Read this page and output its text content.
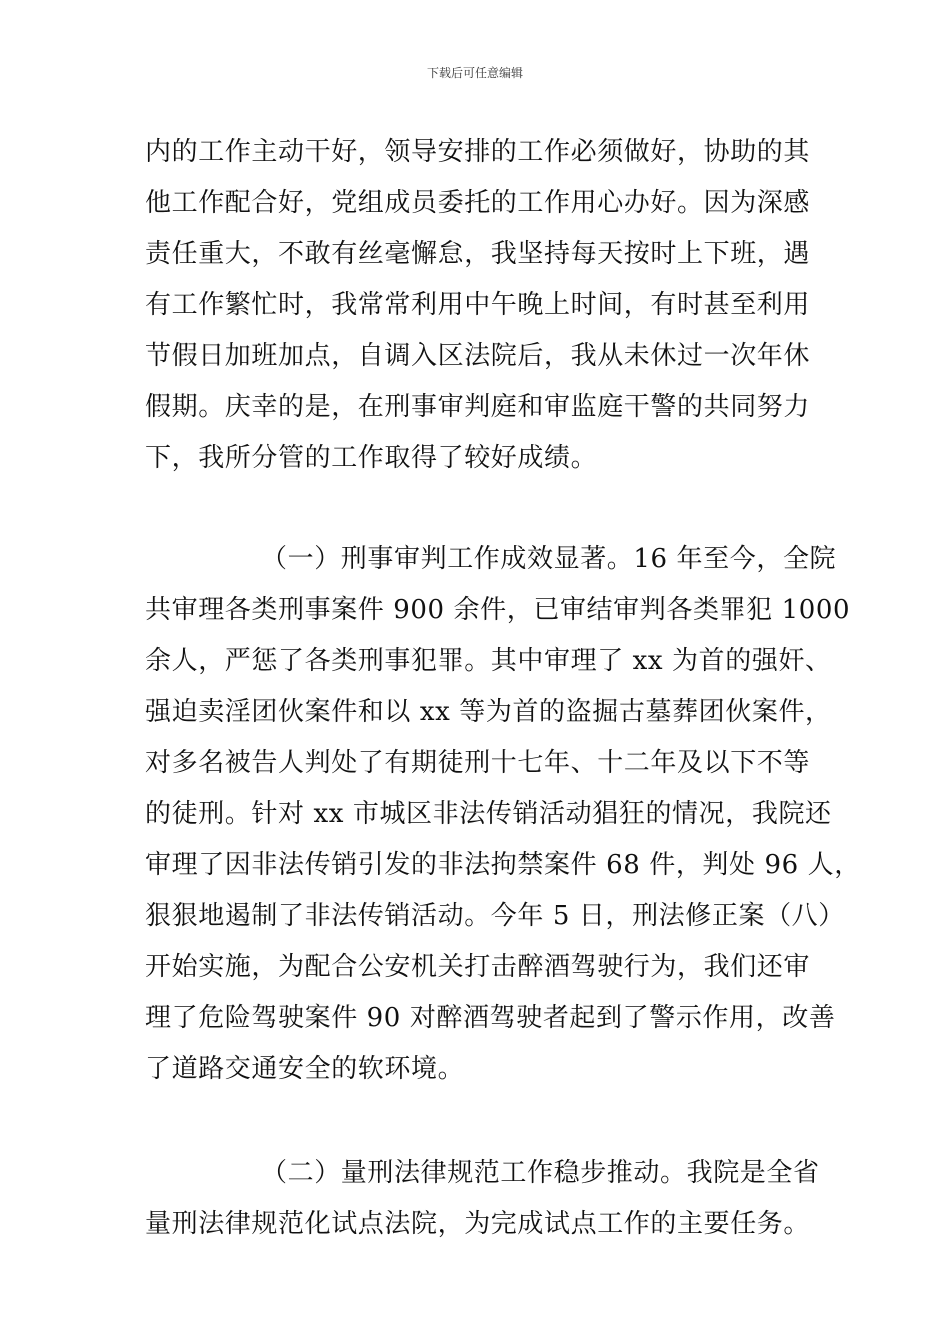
下载后可任意编辑
内的工作主动干好，领导安排的工作必须做好，协助的其
他工作配合好，党组成员委托的工作用心办好。因为深感
责任重大，不敢有丝毫懈怠，我坚持每天按时上下班，遇
有工作繁忙时，我常常利用中午晚上时间，有时甚至利用
节假日加班加点，自调入区法院后，我从未休过一次年休
假期。庆幸的是，在刑事审判庭和审监庭干警的共同努力
下，我所分管的工作取得了较好成绩。
（一）刑事审判工作成效显著。16 年至今，全院
共审理各类刑事案件 900 余件，已审结审判各类罪犯 1000
余人，严惩了各类刑事犯罪。其中审理了 xx 为首的强奸、
强迫卖淫团伙案件和以 xx 等为首的盗掘古墓葬团伙案件，
对多名被告人判处了有期徒刑十七年、十二年及以下不等
的徒刑。针对 xx 市城区非法传销活动猖狂的情况，我院还
审理了因非法传销引发的非法拘禁案件 68 件，判处 96 人，
狠狠地遏制了非法传销活动。今年 5 日，刑法修正案（八）
开始实施，为配合公安机关打击醉酒驾驶行为，我们还审
理了危险驾驶案件 90 对醉酒驾驶者起到了警示作用，改善
了道路交通安全的软环境。
（二）量刑法律规范工作稳步推动。我院是全省
量刑法律规范化试点法院，为完成试点工作的主要任务。
